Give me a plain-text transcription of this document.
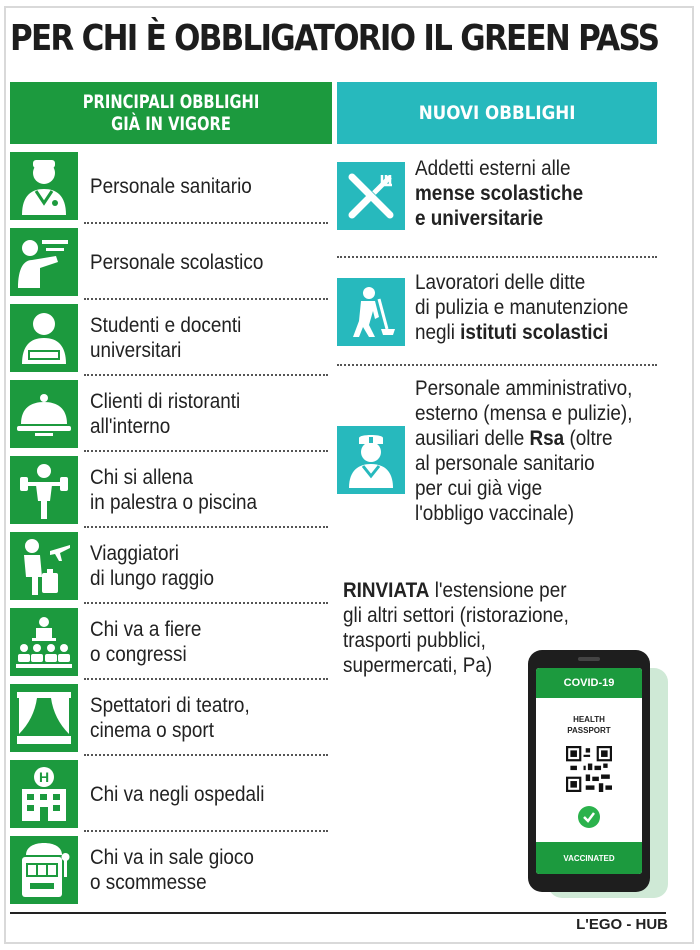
PER CHI È OBBLIGATORIO IL GREEN PASS
PRINCIPALI OBBLIGHI
GIÀ IN VIGORE	NUOVI OBBLIGHI
Personale sanitario
Personale scolastico
Studenti e docenti
universitari
Clienti di ristoranti
all'interno
Chi si allena
in palestra o piscina
Viaggiatori
di lungo raggio
Chi va a fiere
o congressi
Spettatori di teatro,
cinema o sport
H
Chi va negli ospedali
Chi va in sale gioco
o scommesse
Addetti esterni alle
mense scolastiche
e universitarie
Lavoratori delle ditte
di pulizia e manutenzione
negli istituti scolastici
Personale amministrativo,
esterno (mensa e pulizie),
ausiliari delle Rsa (oltre
al personale sanitario
per cui già vige
l'obbligo vaccinale)
RINVIATA l'estensione per
gli altri settori (ristorazione,
trasporti pubblici,
supermercati, Pa)
COVID-19
HEALTH
PASSPORT
VACCINATED
L'EGO - HUB
